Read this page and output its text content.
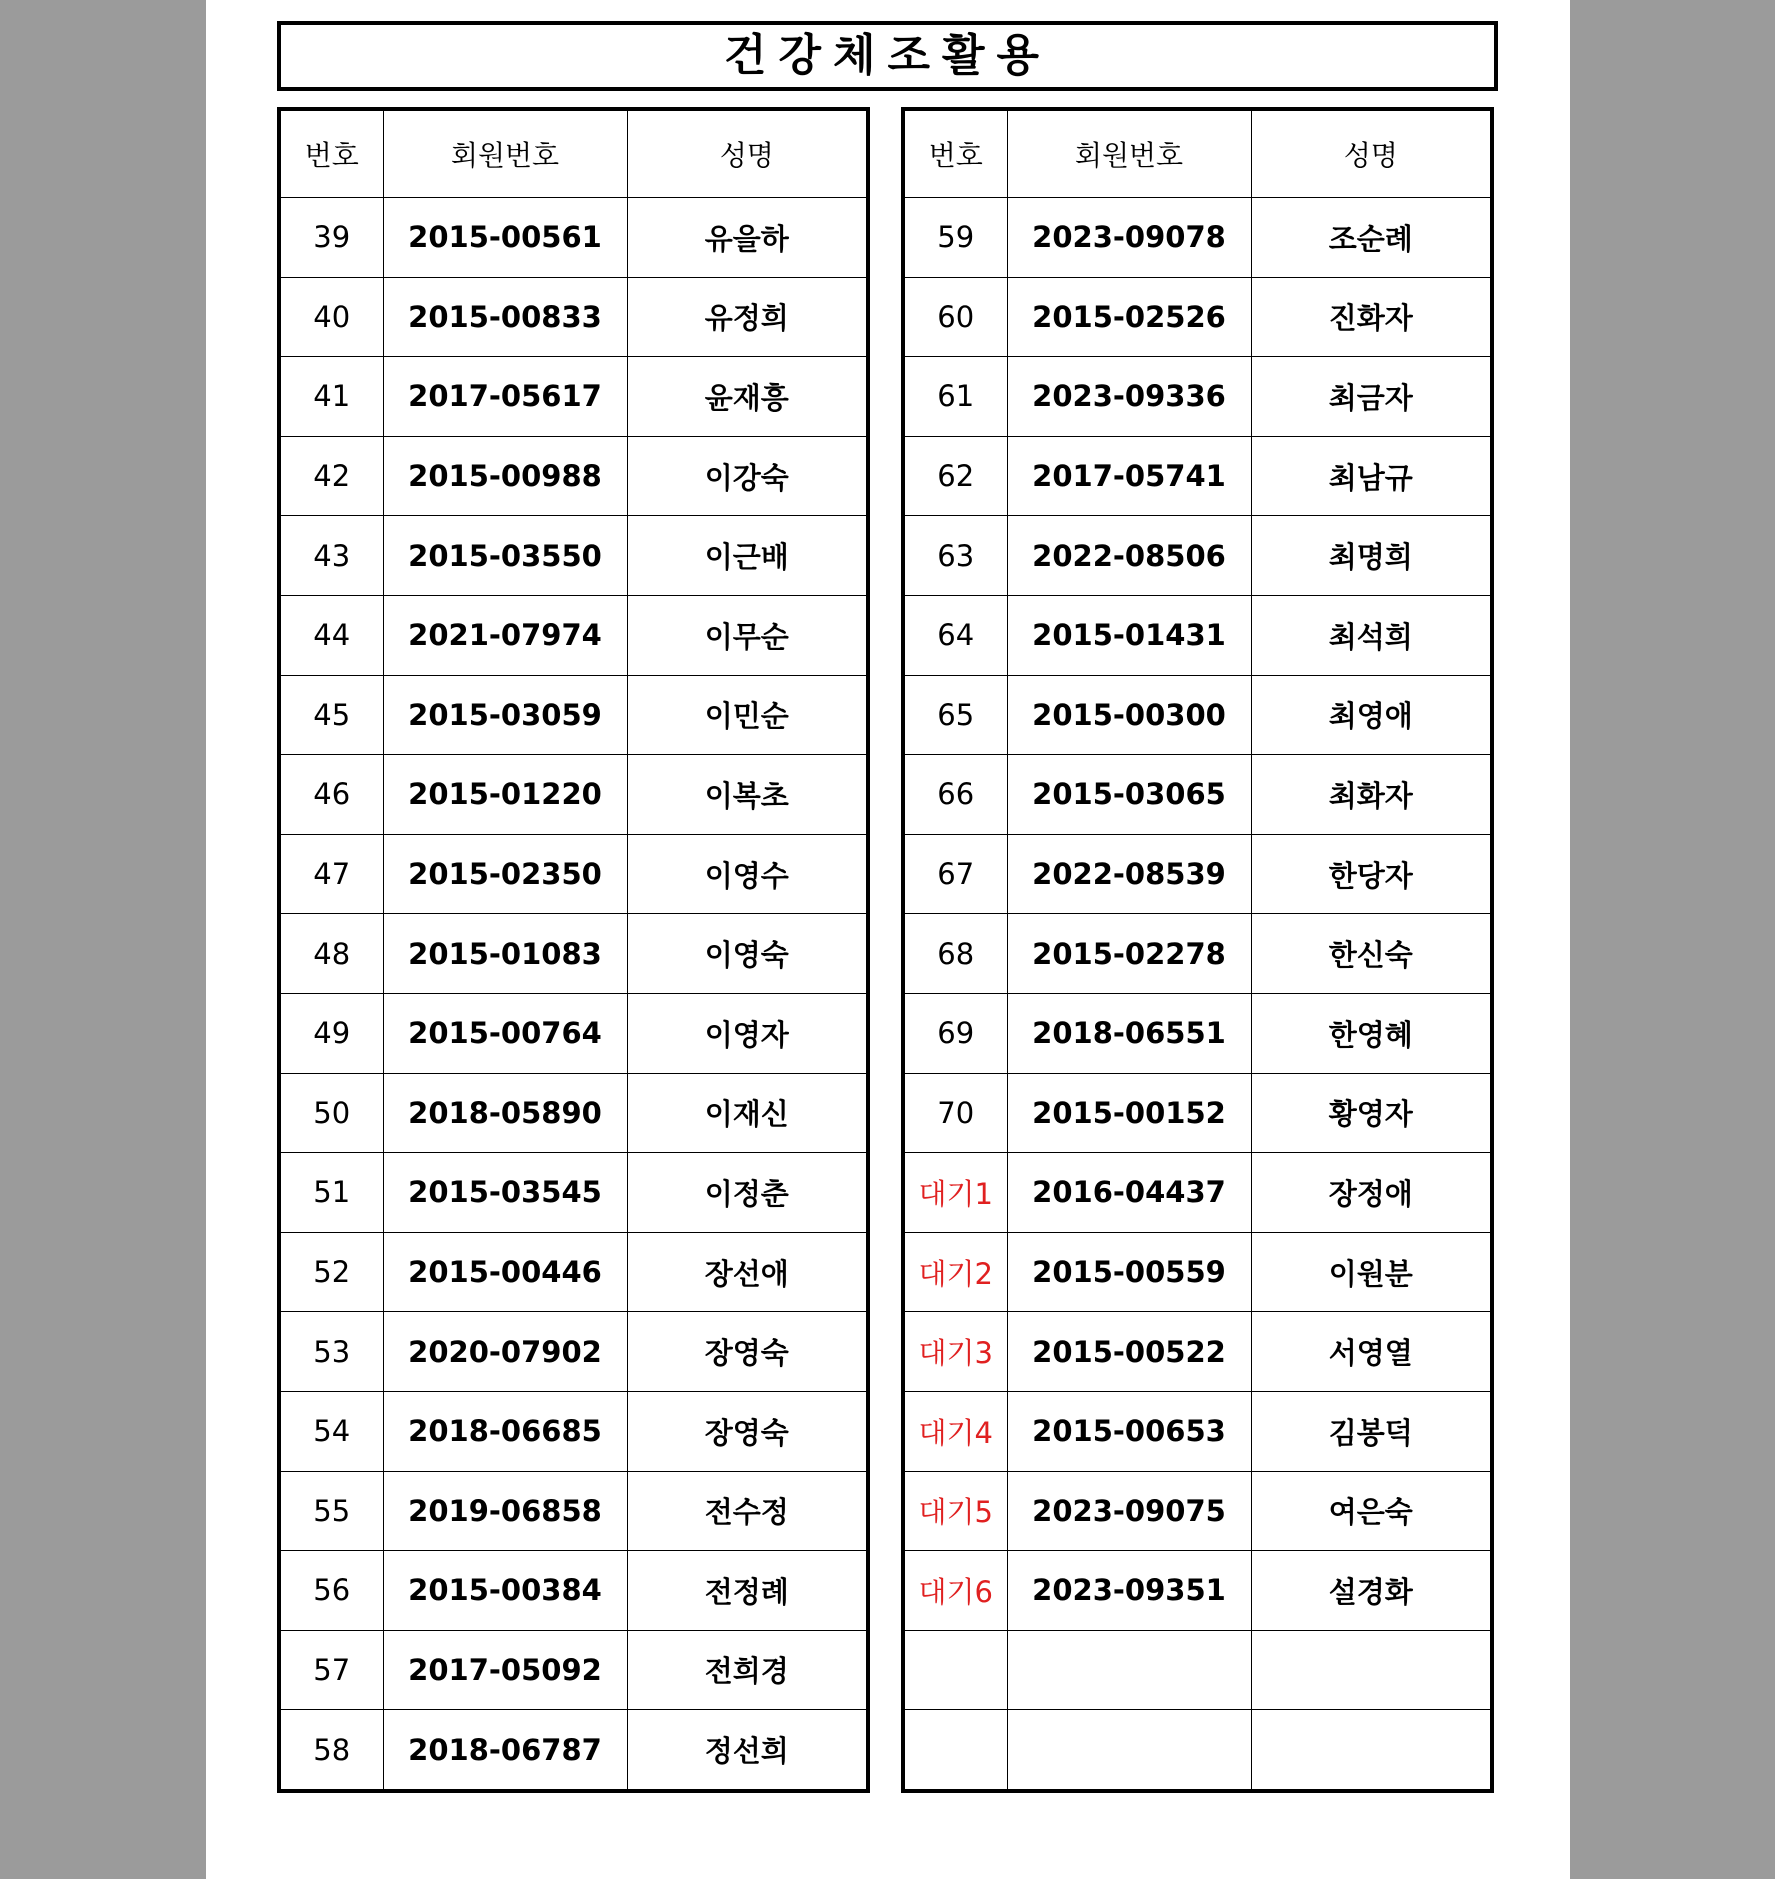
건강체조활용
번호	회원번호	성명
39	2015-00561	유을하
40	2015-00833	유정희
41	2017-05617	윤재흥
42	2015-00988	이강숙
43	2015-03550	이근배
44	2021-07974	이무순
45	2015-03059	이민순
46	2015-01220	이복초
47	2015-02350	이영수
48	2015-01083	이영숙
49	2015-00764	이영자
50	2018-05890	이재신
51	2015-03545	이정춘
52	2015-00446	장선애
53	2020-07902	장영숙
54	2018-06685	장영숙
55	2019-06858	전수정
56	2015-00384	전정례
57	2017-05092	전희경
58	2018-06787	정선희
번호	회원번호	성명
59	2023-09078	조순례
60	2015-02526	진화자
61	2023-09336	최금자
62	2017-05741	최남규
63	2022-08506	최명희
64	2015-01431	최석희
65	2015-00300	최영애
66	2015-03065	최화자
67	2022-08539	한당자
68	2015-02278	한신숙
69	2018-06551	한영혜
70	2015-00152	황영자
대기1	2016-04437	장정애
대기2	2015-00559	이원분
대기3	2015-00522	서영열
대기4	2015-00653	김봉덕
대기5	2023-09075	여은숙
대기6	2023-09351	설경화
